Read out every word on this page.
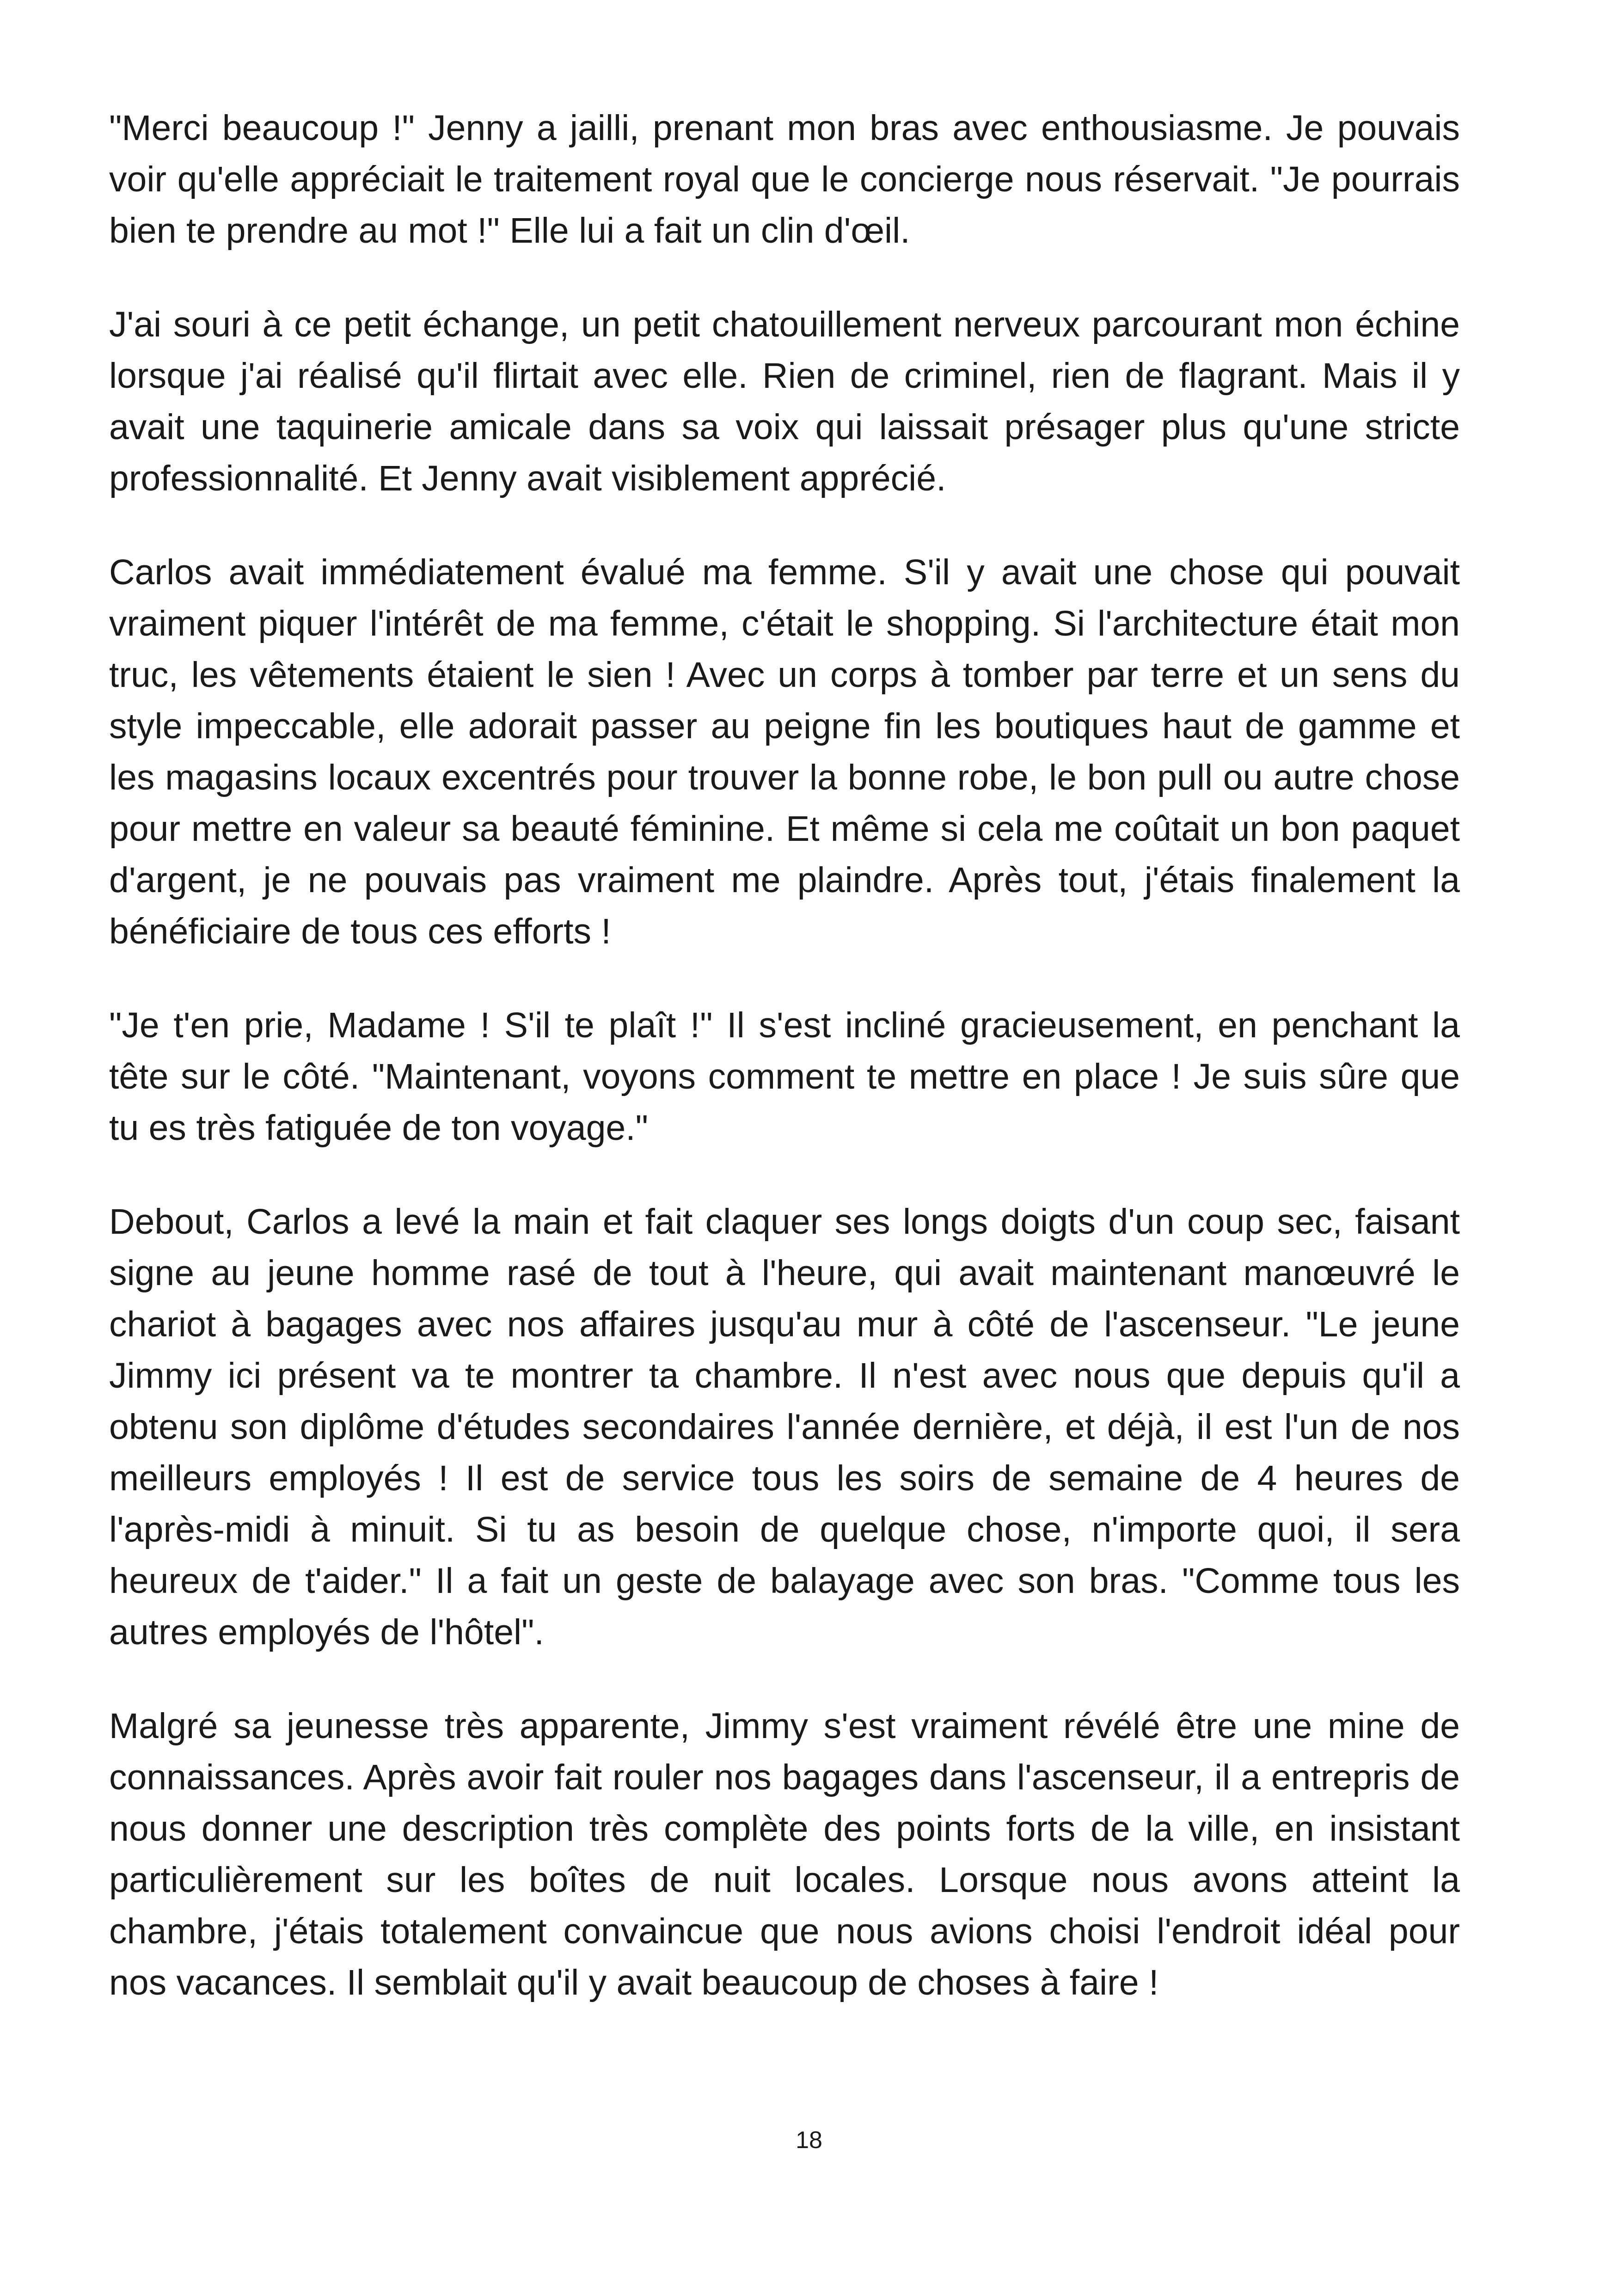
"Merci beaucoup !" Jenny a jailli, prenant mon bras avec enthousiasme. Je pouvais voir qu'elle appréciait le traitement royal que le concierge nous réservait. "Je pourrais bien te prendre au mot !" Elle lui a fait un clin d'œil.

J'ai souri à ce petit échange, un petit chatouillement nerveux parcourant mon échine lorsque j'ai réalisé qu'il flirtait avec elle. Rien de criminel, rien de flagrant. Mais il y avait une taquinerie amicale dans sa voix qui laissait présager plus qu'une stricte professionnalité. Et Jenny avait visiblement apprécié.

Carlos avait immédiatement évalué ma femme. S'il y avait une chose qui pouvait vraiment piquer l'intérêt de ma femme, c'était le shopping. Si l'architecture était mon truc, les vêtements étaient le sien ! Avec un corps à tomber par terre et un sens du style impeccable, elle adorait passer au peigne fin les boutiques haut de gamme et les magasins locaux excentrés pour trouver la bonne robe, le bon pull ou autre chose pour mettre en valeur sa beauté féminine. Et même si cela me coûtait un bon paquet d'argent, je ne pouvais pas vraiment me plaindre. Après tout, j'étais finalement la bénéficiaire de tous ces efforts !

"Je t'en prie, Madame ! S'il te plaît !" Il s'est incliné gracieusement, en penchant la tête sur le côté. "Maintenant, voyons comment te mettre en place ! Je suis sûre que tu es très fatiguée de ton voyage."

Debout, Carlos a levé la main et fait claquer ses longs doigts d'un coup sec, faisant signe au jeune homme rasé de tout à l'heure, qui avait maintenant manœuvré le chariot à bagages avec nos affaires jusqu'au mur à côté de l'ascenseur. "Le jeune Jimmy ici présent va te montrer ta chambre. Il n'est avec nous que depuis qu'il a obtenu son diplôme d'études secondaires l'année dernière, et déjà, il est l'un de nos meilleurs employés ! Il est de service tous les soirs de semaine de 4 heures de l'après-midi à minuit. Si tu as besoin de quelque chose, n'importe quoi, il sera heureux de t'aider." Il a fait un geste de balayage avec son bras. "Comme tous les autres employés de l'hôtel".

Malgré sa jeunesse très apparente, Jimmy s'est vraiment révélé être une mine de connaissances. Après avoir fait rouler nos bagages dans l'ascenseur, il a entrepris de nous donner une description très complète des points forts de la ville, en insistant particulièrement sur les boîtes de nuit locales. Lorsque nous avons atteint la chambre, j'étais totalement convaincue que nous avions choisi l'endroit idéal pour nos vacances. Il semblait qu'il y avait beaucoup de choses à faire !

18
